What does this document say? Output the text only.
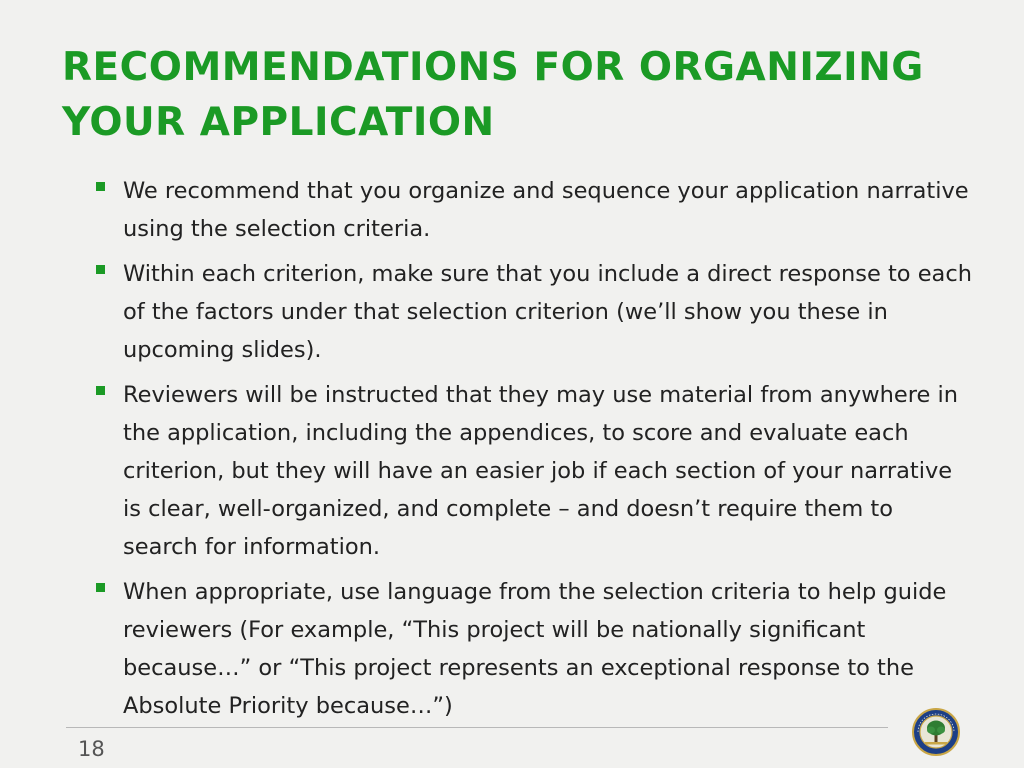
RECOMMENDATIONS FOR ORGANIZING YOUR APPLICATION
We recommend that you organize and sequence your application narrative using the selection criteria.
Within each criterion, make sure that you include a direct response to each of the factors under that selection criterion (we’ll show you these in upcoming slides).
Reviewers will be instructed that they may use material from anywhere in the application, including the appendices, to score and evaluate each criterion, but they will have an easier job if each section of your narrative is clear, well-organized, and complete – and doesn’t require them to search for information.
When appropriate, use language from the selection criteria to help guide reviewers (For example, “This project will be nationally significant because…” or “This project represents an exceptional response to the Absolute Priority because…”)
18
